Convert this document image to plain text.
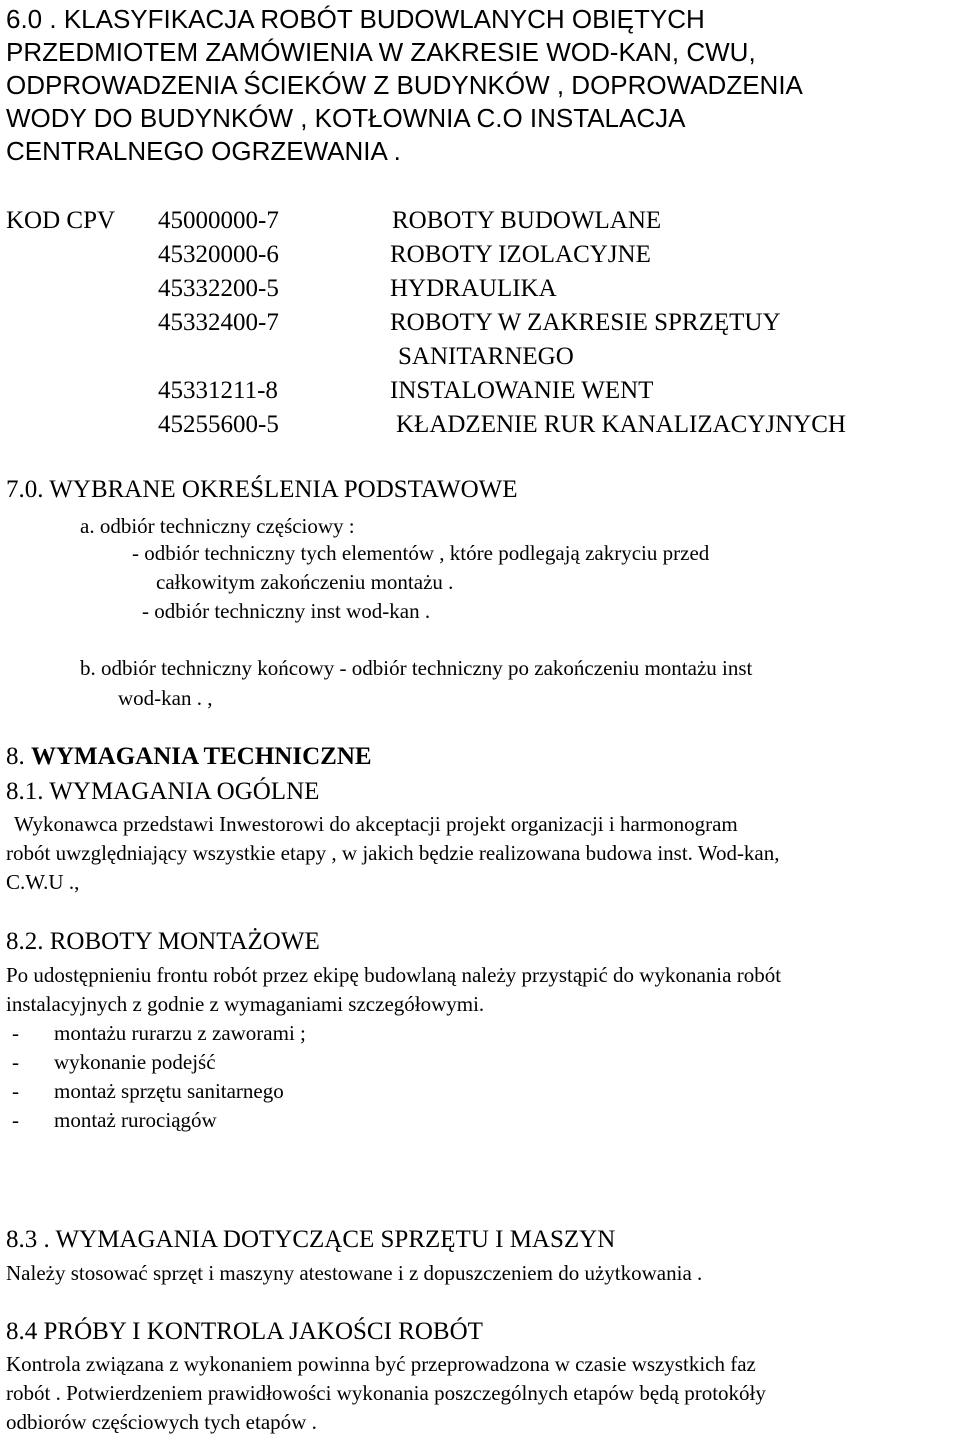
6.0 . KLASYFIKACJA ROBÓT BUDOWLANYCH OBIĘTYCH
PRZEDMIOTEM ZAMÓWIENIA W ZAKRESIE WOD-KAN, CWU,
ODPROWADZENIA ŚCIEKÓW Z BUDYNKÓW , DOPROWADZENIA
WODY DO BUDYNKÓW , KOTŁOWNIA C.O INSTALACJA
CENTRALNEGO OGRZEWANIA .
KOD CPV 45000000-7	ROBOTY BUDOWLANE
45320000-6	ROBOTY IZOLACYJNE
45332200-5	HYDRAULIKA
45332400-7	ROBOTY W ZAKRESIE SPRZĘTUY
SANITARNEGO
45331211-8	INSTALOWANIE WENT
45255600-5	KŁADZENIE RUR KANALIZACYJNYCH
7.0. WYBRANE OKREŚLENIA PODSTAWOWE
a. odbiór techniczny częściowy :
- odbiór techniczny tych elementów , które podlegają zakryciu przed
całkowitym zakończeniu montażu .
- odbiór techniczny inst wod-kan .
b. odbiór techniczny końcowy - odbiór techniczny po zakończeniu montażu inst
wod-kan . ,
8. WYMAGANIA TECHNICZNE
8.1. WYMAGANIA OGÓLNE
Wykonawca przedstawi Inwestorowi do akceptacji projekt organizacji i harmonogram
robót uwzględniający wszystkie etapy , w jakich będzie realizowana budowa inst. Wod-kan,
C.W.U .,
8.2. ROBOTY MONTAŻOWE
Po udostępnieniu frontu robót przez ekipę budowlaną należy przystąpić do wykonania robót
instalacyjnych z godnie z wymaganiami szczegółowymi.
- montażu rurarzu z zaworami ;
- wykonanie podejść
- montaż sprzętu sanitarnego
- montaż rurociągów
8.3 . WYMAGANIA DOTYCZĄCE SPRZĘTU I MASZYN
Należy stosować sprzęt i maszyny atestowane i z dopuszczeniem do użytkowania .
8.4 PRÓBY I KONTROLA JAKOŚCI ROBÓT
Kontrola związana z wykonaniem powinna być przeprowadzona w czasie wszystkich faz
robót . Potwierdzeniem prawidłowości wykonania poszczególnych etapów będą protokóły
odbiorów częściowych tych etapów .
